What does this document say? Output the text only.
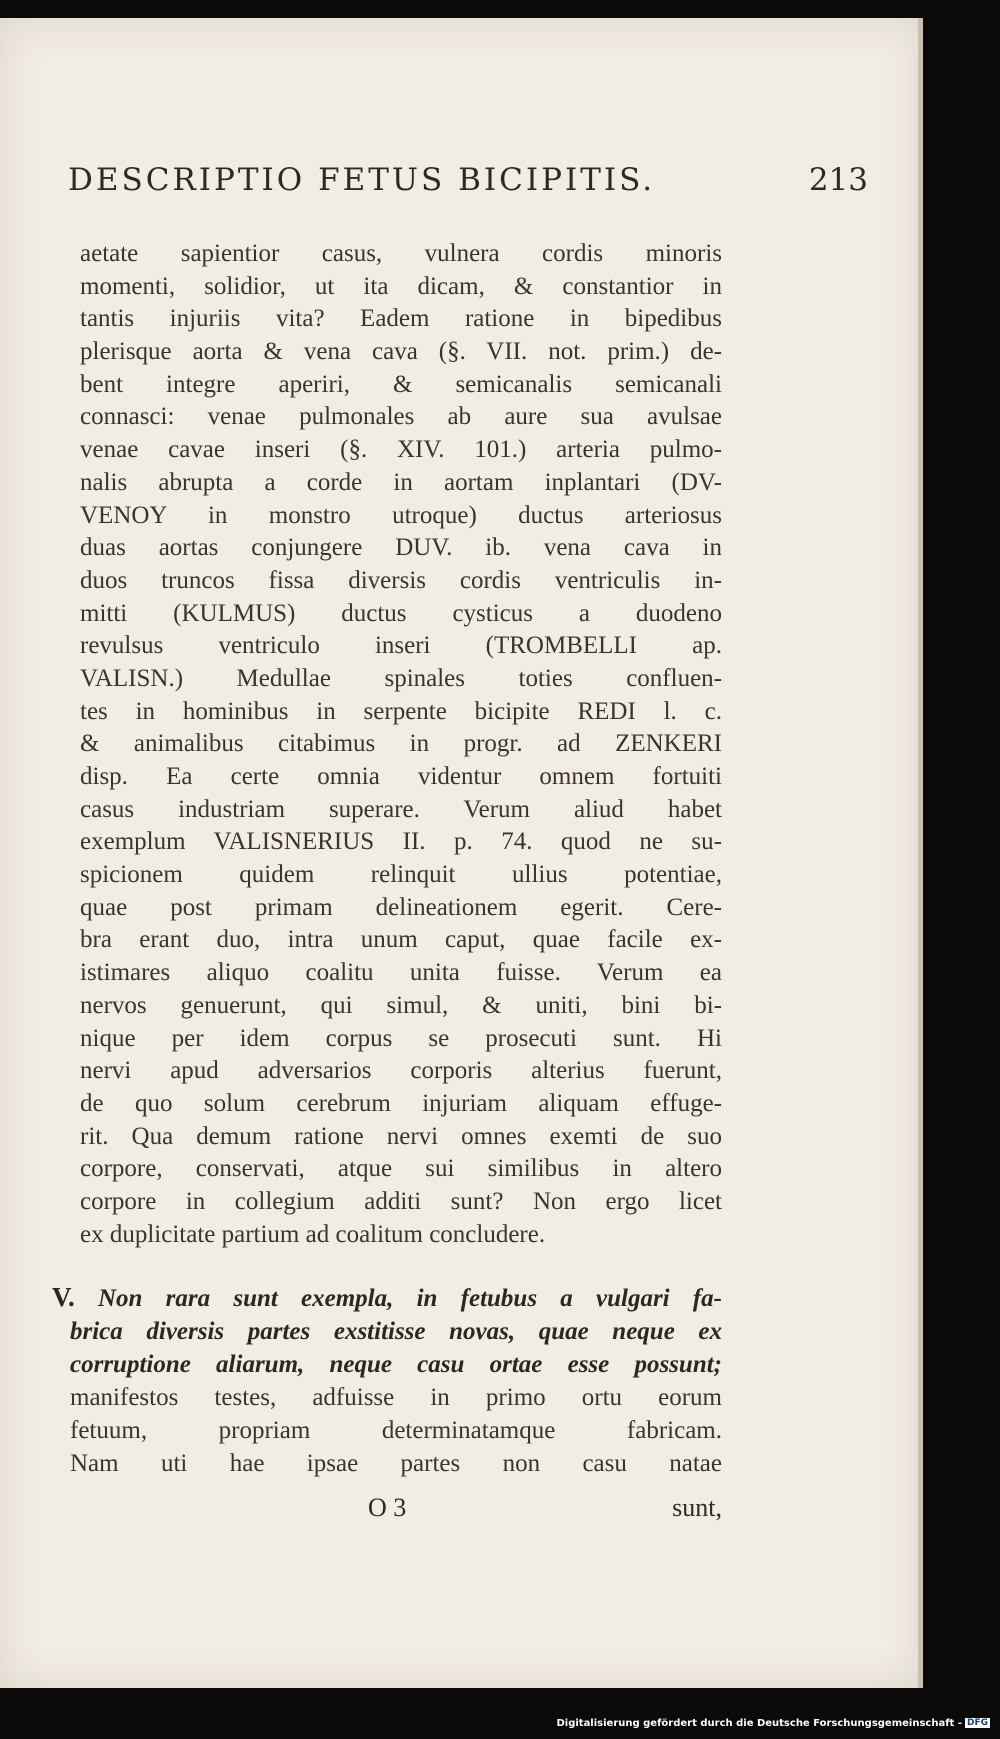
DESCRIPTIO FETUS BICIPITIS.	213
aetate sapientior casus, vulnera cordis minoris
momenti, solidior, ut ita dicam, & constantior in
tantis injuriis vita? Eadem ratione in bipedibus
plerisque aorta & vena cava (§. VII. not. prim.) de-
bent integre aperiri, & semicanalis semicanali
connasci: venae pulmonales ab aure sua avulsae
venae cavae inseri (§. XIV. 101.) arteria pulmo-
nalis abrupta a corde in aortam inplantari (DV-
VENOY in monstro utroque) ductus arteriosus
duas aortas conjungere DUV. ib. vena cava in
duos truncos fissa diversis cordis ventriculis in-
mitti (KULMUS) ductus cysticus a duodeno
revulsus ventriculo inseri (TROMBELLI ap.
VALISN.) Medullae spinales toties confluen-
tes in hominibus in serpente bicipite REDI l. c.
& animalibus citabimus in progr. ad ZENKERI
disp. Ea certe omnia videntur omnem fortuiti
casus industriam superare. Verum aliud habet
exemplum VALISNERIUS II. p. 74. quod ne su-
spicionem quidem relinquit ullius potentiae,
quae post primam delineationem egerit. Cere-
bra erant duo, intra unum caput, quae facile ex-
istimares aliquo coalitu unita fuisse. Verum ea
nervos genuerunt, qui simul, & uniti, bini bi-
nique per idem corpus se prosecuti sunt. Hi
nervi apud adversarios corporis alterius fuerunt,
de quo solum cerebrum injuriam aliquam effuge-
rit. Qua demum ratione nervi omnes exemti de suo
corpore, conservati, atque sui similibus in altero
corpore in collegium additi sunt? Non ergo licet
ex duplicitate partium ad coalitum concludere.
V. Non rara sunt exempla, in fetubus a vulgari fa-
brica diversis partes exstitisse novas, quae neque ex
corruptione aliarum, neque casu ortae esse possunt;
manifestos testes, adfuisse in primo ortu eorum
fetuum, propriam determinatamque fabricam.
Nam uti hae ipsae partes non casu natae
O 3	sunt,
Digitalisierung gefördert durch die Deutsche Forschungsgemeinschaft - DFG
